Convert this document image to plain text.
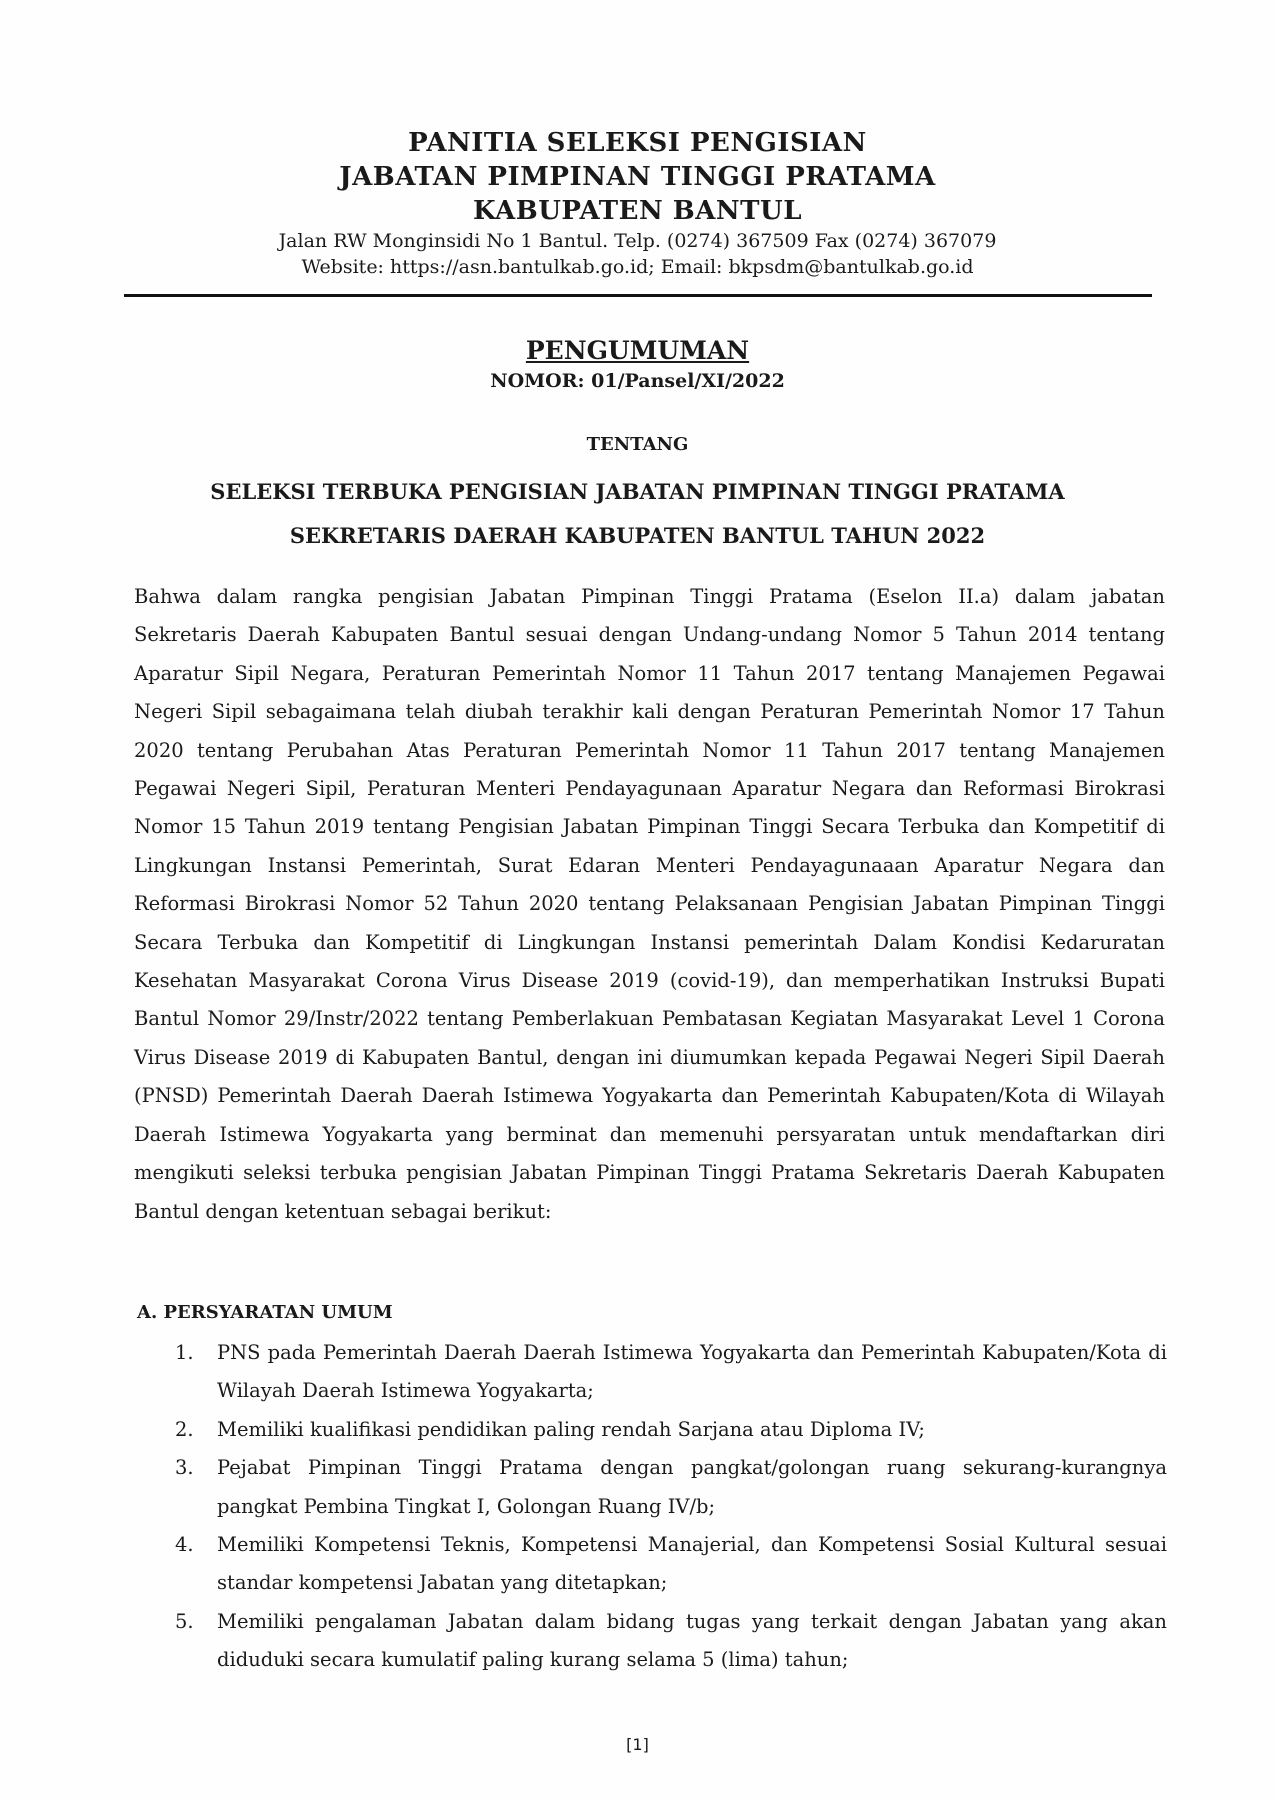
PANITIA SELEKSI PENGISIAN
JABATAN PIMPINAN TINGGI PRATAMA
KABUPATEN BANTUL
Jalan RW Monginsidi No 1 Bantul. Telp. (0274) 367509 Fax (0274) 367079
Website: https://asn.bantulkab.go.id; Email: bkpsdm@bantulkab.go.id
PENGUMUMAN
NOMOR: 01/Pansel/XI/2022
TENTANG
SELEKSI TERBUKA PENGISIAN JABATAN PIMPINAN TINGGI PRATAMA
SEKRETARIS DAERAH KABUPATEN BANTUL TAHUN 2022
Bahwa dalam rangka pengisian Jabatan Pimpinan Tinggi Pratama (Eselon II.a) dalam jabatan Sekretaris Daerah Kabupaten Bantul sesuai dengan Undang-undang Nomor 5 Tahun 2014 tentang Aparatur Sipil Negara, Peraturan Pemerintah Nomor 11 Tahun 2017 tentang Manajemen Pegawai Negeri Sipil sebagaimana telah diubah terakhir kali dengan Peraturan Pemerintah Nomor 17 Tahun 2020 tentang Perubahan Atas Peraturan Pemerintah Nomor 11 Tahun 2017 tentang Manajemen Pegawai Negeri Sipil, Peraturan Menteri Pendayagunaan Aparatur Negara dan Reformasi Birokrasi Nomor 15 Tahun 2019 tentang Pengisian Jabatan Pimpinan Tinggi Secara Terbuka dan Kompetitif di Lingkungan Instansi Pemerintah, Surat Edaran Menteri Pendayagunaaan Aparatur Negara dan Reformasi Birokrasi Nomor 52 Tahun 2020 tentang Pelaksanaan Pengisian Jabatan Pimpinan Tinggi Secara Terbuka dan Kompetitif di Lingkungan Instansi pemerintah Dalam Kondisi Kedaruratan Kesehatan Masyarakat Corona Virus Disease 2019 (covid-19), dan memperhatikan Instruksi Bupati Bantul Nomor 29/Instr/2022 tentang Pemberlakuan Pembatasan Kegiatan Masyarakat Level 1 Corona Virus Disease 2019 di Kabupaten Bantul, dengan ini diumumkan kepada Pegawai Negeri Sipil Daerah (PNSD) Pemerintah Daerah Daerah Istimewa Yogyakarta dan Pemerintah Kabupaten/Kota di Wilayah Daerah Istimewa Yogyakarta yang berminat dan memenuhi persyaratan untuk mendaftarkan diri mengikuti seleksi terbuka pengisian Jabatan Pimpinan Tinggi Pratama Sekretaris Daerah Kabupaten Bantul dengan ketentuan sebagai berikut:
A. PERSYARATAN UMUM
1. PNS pada Pemerintah Daerah Daerah Istimewa Yogyakarta dan Pemerintah Kabupaten/Kota di Wilayah Daerah Istimewa Yogyakarta;
2. Memiliki kualifikasi pendidikan paling rendah Sarjana atau Diploma IV;
3. Pejabat Pimpinan Tinggi Pratama dengan pangkat/golongan ruang sekurang-kurangnya pangkat Pembina Tingkat I, Golongan Ruang IV/b;
4. Memiliki Kompetensi Teknis, Kompetensi Manajerial, dan Kompetensi Sosial Kultural sesuai standar kompetensi Jabatan yang ditetapkan;
5. Memiliki pengalaman Jabatan dalam bidang tugas yang terkait dengan Jabatan yang akan diduduki secara kumulatif paling kurang selama 5 (lima) tahun;
[1]
